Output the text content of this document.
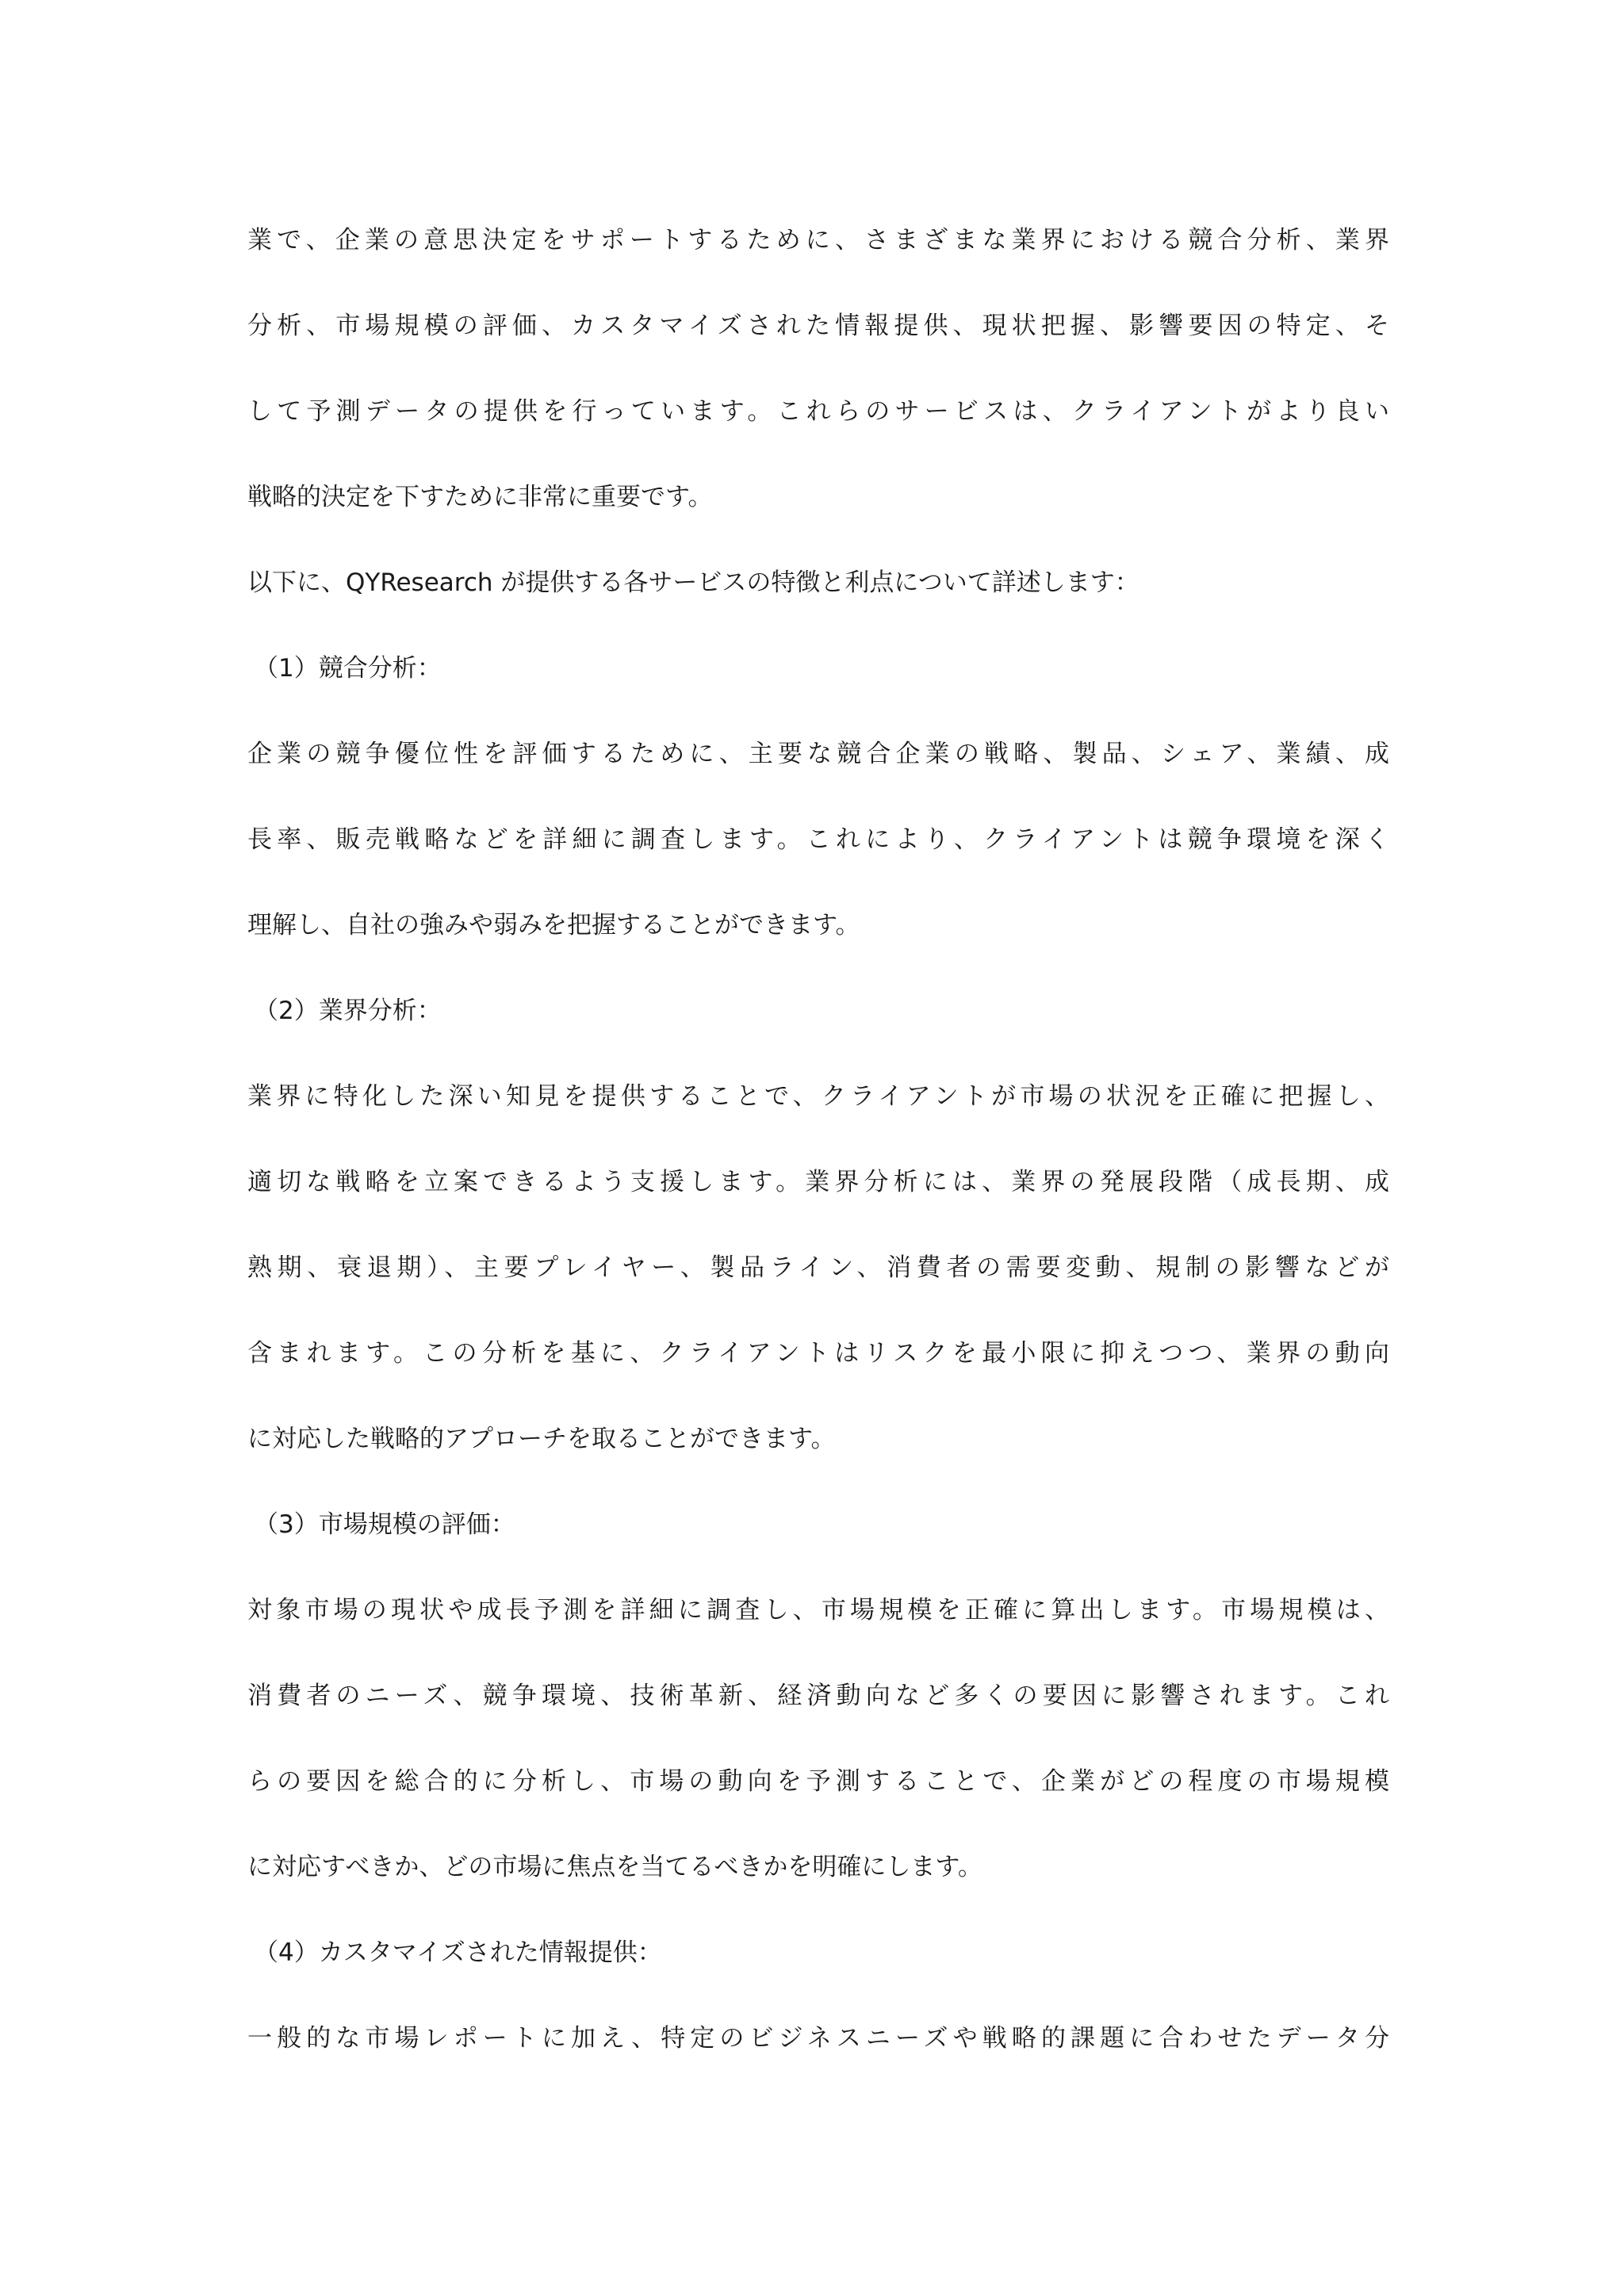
業で、企業の意思決定をサポートするために、さまざまな業界における競合分析、業界
分析、市場規模の評価、カスタマイズされた情報提供、現状把握、影響要因の特定、そ
して予測データの提供を行っています。これらのサービスは、クライアントがより良い
戦略的決定を下すために非常に重要です。
以下に、QYResearch が提供する各サービスの特徴と利点について詳述します：
（1）競合分析：
企業の競争優位性を評価するために、主要な競合企業の戦略、製品、シェア、業績、成
長率、販売戦略などを詳細に調査します。これにより、クライアントは競争環境を深く
理解し、自社の強みや弱みを把握することができます。
（2）業界分析：
業界に特化した深い知見を提供することで、クライアントが市場の状況を正確に把握し、
適切な戦略を立案できるよう支援します。業界分析には、業界の発展段階（成長期、成
熟期、衰退期）、主要プレイヤー、製品ライン、消費者の需要変動、規制の影響などが
含まれます。この分析を基に、クライアントはリスクを最小限に抑えつつ、業界の動向
に対応した戦略的アプローチを取ることができます。
（3）市場規模の評価：
対象市場の現状や成長予測を詳細に調査し、市場規模を正確に算出します。市場規模は、
消費者のニーズ、競争環境、技術革新、経済動向など多くの要因に影響されます。これ
らの要因を総合的に分析し、市場の動向を予測することで、企業がどの程度の市場規模
に対応すべきか、どの市場に焦点を当てるべきかを明確にします。
（4）カスタマイズされた情報提供：
一般的な市場レポートに加え、特定のビジネスニーズや戦略的課題に合わせたデータ分
